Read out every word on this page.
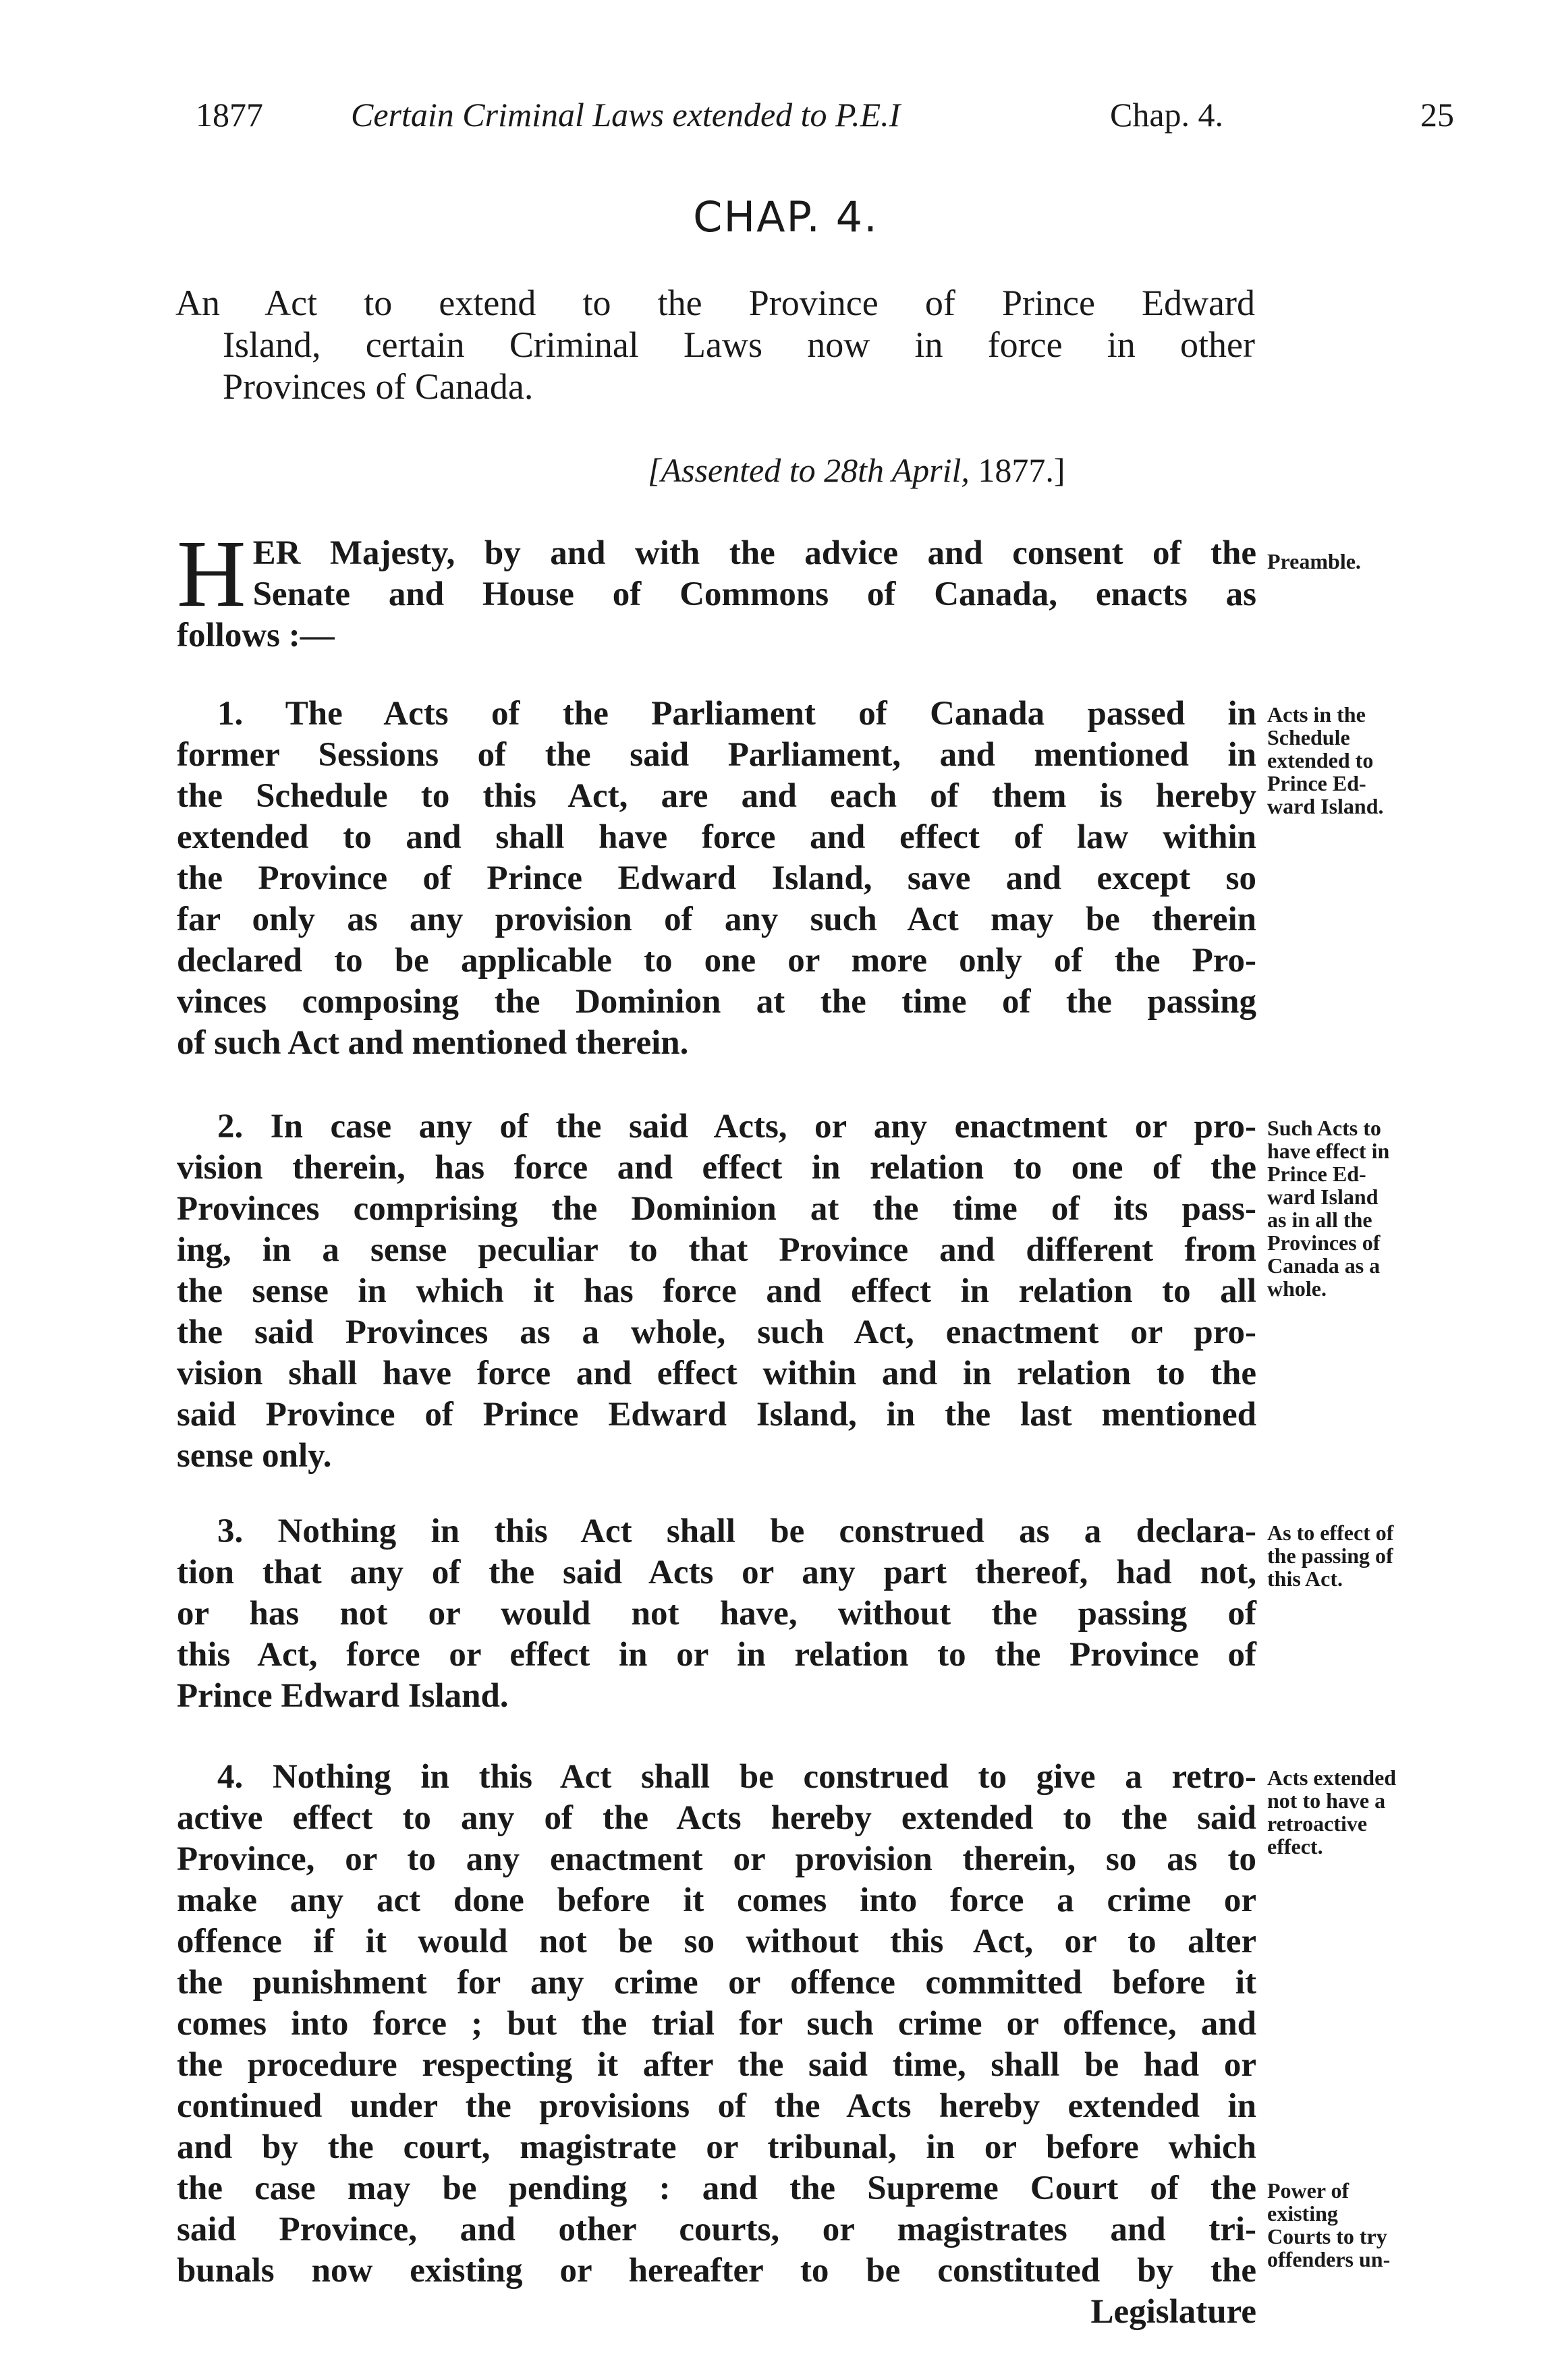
1877	Certain Criminal Laws extended to P.E.I	Chap. 4.	25
CHAP. 4.
An Act to extend to the Province of Prince Edward
Island, certain Criminal Laws now in force in other
Provinces of Canada.
[Assented to 28th April, 1877.]
H ER Majesty, by and with the advice and consent of the
Senate and House of Commons of Canada, enacts as
follows :—
Preamble.
1. The Acts of the Parliament of Canada passed in
former Sessions of the said Parliament, and mentioned in
the Schedule to this Act, are and each of them is hereby
extended to and shall have force and effect of law within
the Province of Prince Edward Island, save and except so
far only as any provision of any such Act may be therein
declared to be applicable to one or more only of the Pro-
vinces composing the Dominion at the time of the passing
of such Act and mentioned therein.
Acts in the
Schedule
extended to
Prince Ed-
ward Island.
2. In case any of the said Acts, or any enactment or pro-
vision therein, has force and effect in relation to one of the
Provinces comprising the Dominion at the time of its pass-
ing, in a sense peculiar to that Province and different from
the sense in which it has force and effect in relation to all
the said Provinces as a whole, such Act, enactment or pro-
vision shall have force and effect within and in relation to the
said Province of Prince Edward Island, in the last mentioned
sense only.
Such Acts to
have effect in
Prince Ed-
ward Island
as in all the
Provinces of
Canada as a
whole.
3. Nothing in this Act shall be construed as a declara-
tion that any of the said Acts or any part thereof, had not,
or has not or would not have, without the passing of
this Act, force or effect in or in relation to the Province of
Prince Edward Island.
As to effect of
the passing of
this Act.
4. Nothing in this Act shall be construed to give a retro-
active effect to any of the Acts hereby extended to the said
Province, or to any enactment or provision therein, so as to
make any act done before it comes into force a crime or
offence if it would not be so without this Act, or to alter
the punishment for any crime or offence committed before it
comes into force ; but the trial for such crime or offence, and
the procedure respecting it after the said time, shall be had or
continued under the provisions of the Acts hereby extended in
and by the court, magistrate or tribunal, in or before which
the case may be pending : and the Supreme Court of the
said Province, and other courts, or magistrates and tri-
bunals now existing or hereafter to be constituted by the
Legislature
Acts extended
not to have a
retroactive
effect.
Power of
existing
Courts to try
offenders un-
